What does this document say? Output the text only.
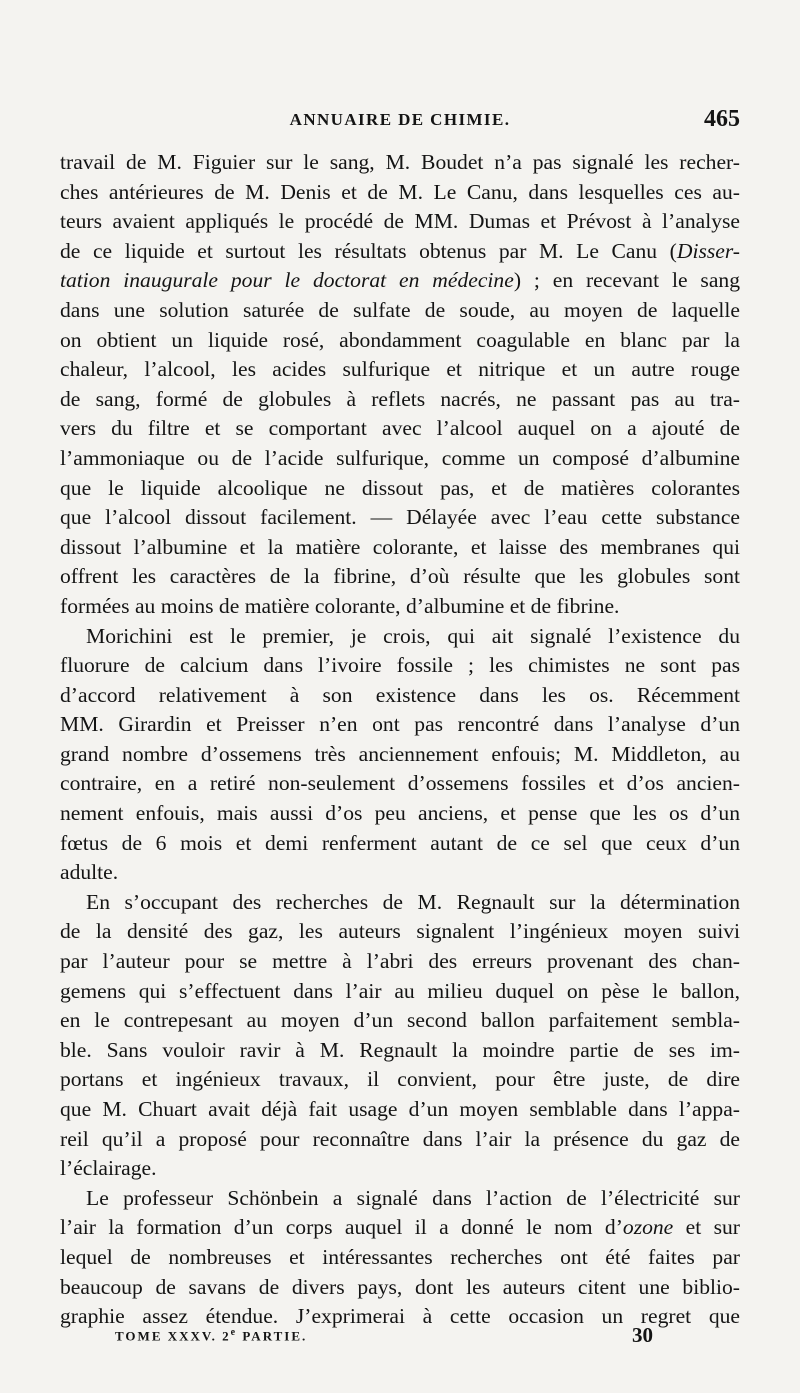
ANNUAIRE DE CHIMIE.	465
travail de M. Figuier sur le sang, M. Boudet n’a pas signalé les recher-
ches antérieures de M. Denis et de M. Le Canu, dans lesquelles ces au-
teurs avaient appliqués le procédé de MM. Dumas et Prévost à l’analyse
de ce liquide et surtout les résultats obtenus par M. Le Canu (Disser-
tation inaugurale pour le doctorat en médecine) ; en recevant le sang
dans une solution saturée de sulfate de soude, au moyen de laquelle
on obtient un liquide rosé, abondamment coagulable en blanc par la
chaleur, l’alcool, les acides sulfurique et nitrique et un autre rouge
de sang, formé de globules à reflets nacrés, ne passant pas au tra-
vers du filtre et se comportant avec l’alcool auquel on a ajouté de
l’ammoniaque ou de l’acide sulfurique, comme un composé d’albumine
que le liquide alcoolique ne dissout pas, et de matières colorantes
que l’alcool dissout facilement. — Délayée avec l’eau cette substance
dissout l’albumine et la matière colorante, et laisse des membranes qui
offrent les caractères de la fibrine, d’où résulte que les globules sont
formées au moins de matière colorante, d’albumine et de fibrine.
Morichini est le premier, je crois, qui ait signalé l’existence du
fluorure de calcium dans l’ivoire fossile ; les chimistes ne sont pas
d’accord relativement à son existence dans les os. Récemment
MM. Girardin et Preisser n’en ont pas rencontré dans l’analyse d’un
grand nombre d’ossemens très anciennement enfouis; M. Middleton, au
contraire, en a retiré non-seulement d’ossemens fossiles et d’os ancien-
nement enfouis, mais aussi d’os peu anciens, et pense que les os d’un
fœtus de 6 mois et demi renferment autant de ce sel que ceux d’un
adulte.
En s’occupant des recherches de M. Regnault sur la détermination
de la densité des gaz, les auteurs signalent l’ingénieux moyen suivi
par l’auteur pour se mettre à l’abri des erreurs provenant des chan-
gemens qui s’effectuent dans l’air au milieu duquel on pèse le ballon,
en le contrepesant au moyen d’un second ballon parfaitement sembla-
ble. Sans vouloir ravir à M. Regnault la moindre partie de ses im-
portans et ingénieux travaux, il convient, pour être juste, de dire
que M. Chuart avait déjà fait usage d’un moyen semblable dans l’appa-
reil qu’il a proposé pour reconnaître dans l’air la présence du gaz de
l’éclairage.
Le professeur Schönbein a signalé dans l’action de l’électricité sur
l’air la formation d’un corps auquel il a donné le nom d’ozone et sur
lequel de nombreuses et intéressantes recherches ont été faites par
beaucoup de savans de divers pays, dont les auteurs citent une biblio-
graphie assez étendue. J’exprimerai à cette occasion un regret que
TOME XXXV. 2e PARTIE.	30
